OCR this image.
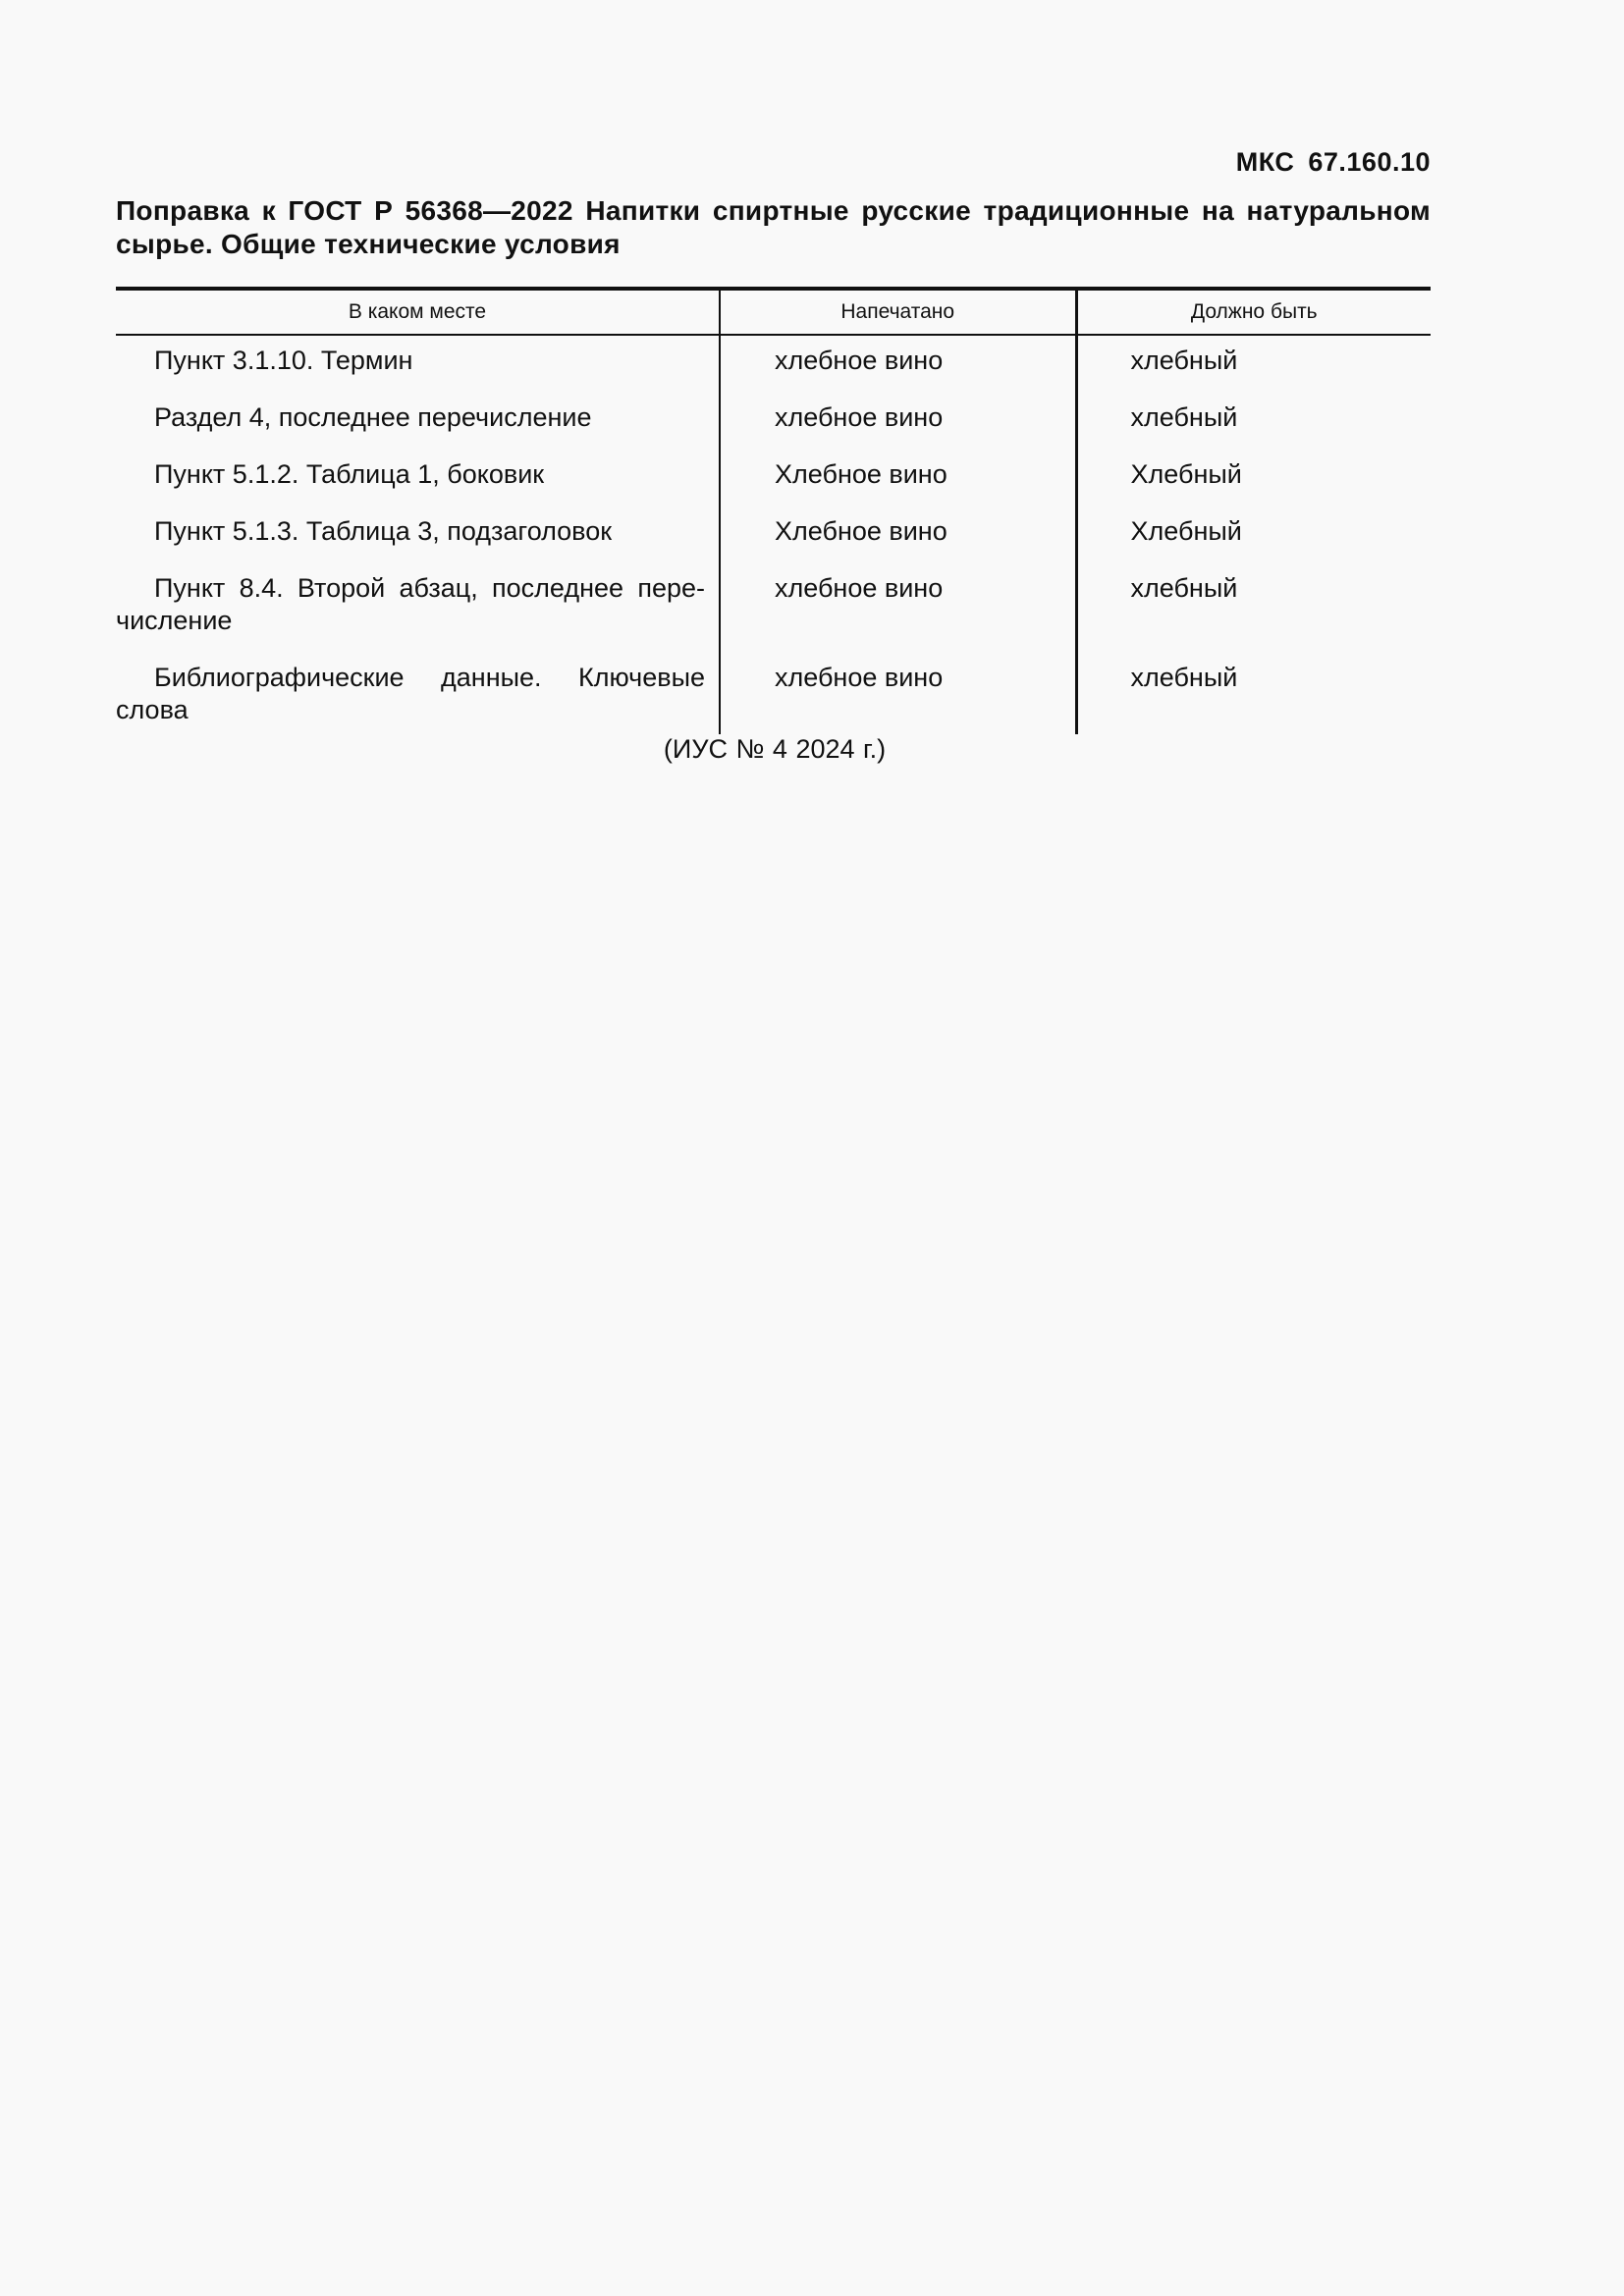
МКС 67.160.10
Поправка к ГОСТ Р 56368—2022 Напитки спиртные русские традиционные на натуральном сырье. Общие технические условия
В каком месте	Напечатано	Должно быть
Пункт 3.1.10. Термин	хлебное вино	хлебный
Раздел 4, последнее перечисление	хлебное вино	хлебный
Пункт 5.1.2. Таблица 1, боковик	Хлебное вино	Хлебный
Пункт 5.1.3. Таблица 3, подзаголовок	Хлебное вино	Хлебный
Пункт 8.4. Второй абзац, последнее пере-числение	хлебное вино	хлебный
Библиографические данные. Ключевые слова	хлебное вино	хлебный
(ИУС № 4 2024 г.)
